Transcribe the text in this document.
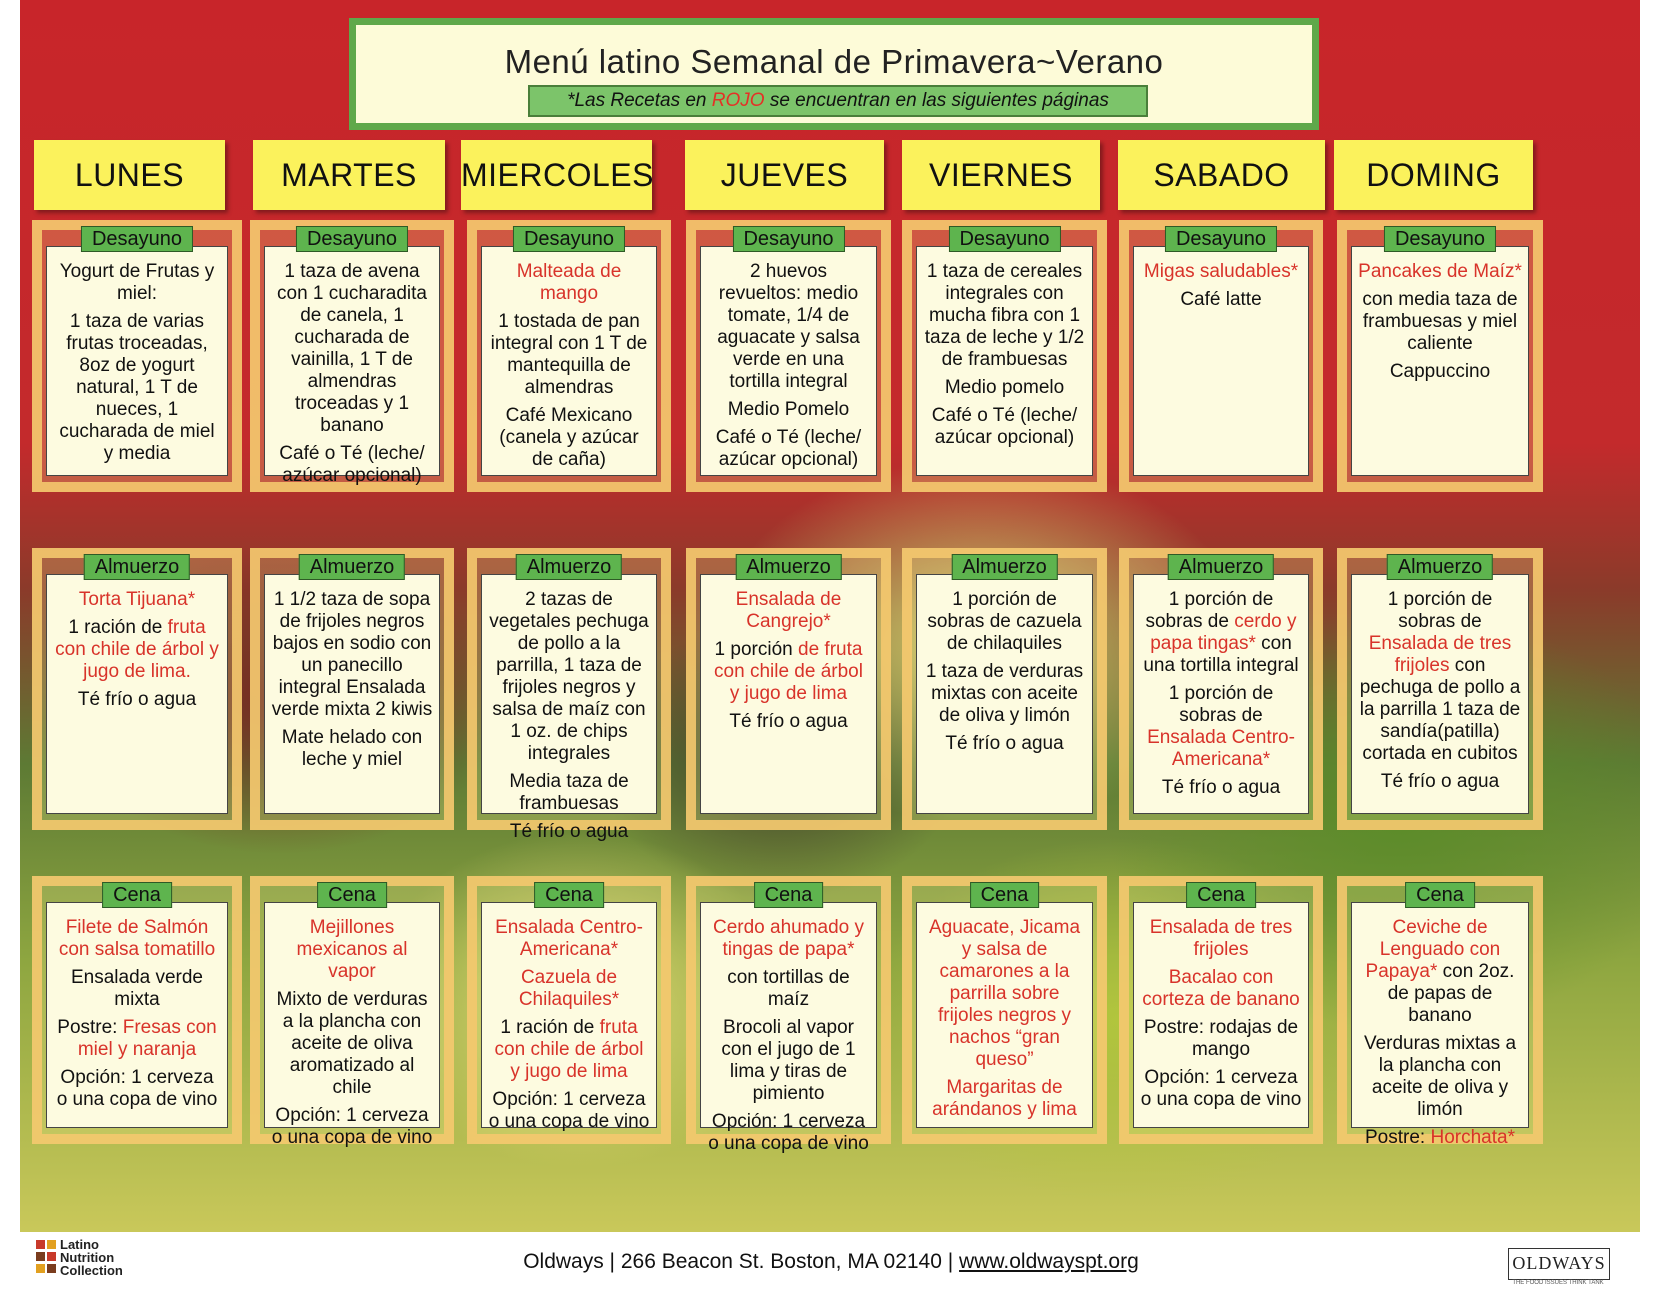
Menú latino Semanal de Primavera~Verano
*Las Recetas en ROJO se encuentran en las siguientes páginas
LUNES	MARTES	MIERCOLES	JUEVES	VIERNES	SABADO	DOMING
Desayuno

Yogurt de Frutas y miel:

1 taza de varias frutas troceadas, 8oz de yogurt natural, 1 T de nueces, 1 cucharada de miel y media

Desayuno

1 taza de avena con 1 cucharadita de canela, 1 cucharada de vainilla, 1 T de almendras troceadas y 1 banano

Café o Té (leche/ azúcar opcional)

Desayuno

Malteada de mango

1 tostada de pan integral con 1 T de mantequilla de almendras

Café Mexicano (canela y azúcar de caña)

Desayuno

2 huevos revueltos: medio tomate, 1/4 de aguacate y salsa verde en una tortilla integral

Medio Pomelo

Café o Té (leche/ azúcar opcional)

Desayuno

1 taza de cereales integrales con mucha fibra con 1 taza de leche y 1/2 de frambuesas

Medio pomelo

Café o Té (leche/ azúcar opcional)

Desayuno

Migas saludables*

Café latte

Desayuno

Pancakes de Maíz*

con media taza de frambuesas y miel caliente

Cappuccino

Almuerzo

Torta Tijuana*

1 ración de fruta con chile de árbol y jugo de lima.

Té frío o agua

Almuerzo

1 1/2 taza de sopa de frijoles negros bajos en sodio con un panecillo integral Ensalada verde mixta 2 kiwis

Mate helado con leche y miel

Almuerzo

2 tazas de vegetales pechuga de pollo a la parrilla, 1 taza de frijoles negros y salsa de maíz con 1 oz. de chips integrales

Media taza de frambuesas

Té frío o agua

Almuerzo

Ensalada de Cangrejo*

1 porción de fruta con chile de árbol y jugo de lima

Té frío o agua

Almuerzo

1 porción de sobras de cazuela de chilaquiles

1 taza de verduras mixtas con aceite de oliva y limón

Té frío o agua

Almuerzo

1 porción de sobras de cerdo y papa tingas* con una tortilla integral

1 porción de sobras de Ensalada Centro-Americana*

Té frío o agua

Almuerzo

1 porción de sobras de Ensalada de tres frijoles con pechuga de pollo a la parrilla 1 taza de sandía(patilla) cortada en cubitos

Té frío o agua

Cena

Filete de Salmón con salsa tomatillo

Ensalada verde mixta

Postre: Fresas con miel y naranja

Opción: 1 cerveza o una copa de vino

Cena

Mejillones mexicanos al vapor

Mixto de verduras a la plancha con aceite de oliva aromatizado al chile

Opción: 1 cerveza o una copa de vino

Cena

Ensalada Centro-Americana*

Cazuela de Chilaquiles*

1 ración de fruta con chile de árbol y jugo de lima

Opción: 1 cerveza o una copa de vino

Cena

Cerdo ahumado y tingas de papa*

con tortillas de maíz

Brocoli al vapor con el jugo de 1 lima y tiras de pimiento

Opción: 1 cerveza o una copa de vino

Cena

Aguacate, Jicama y salsa de camarones a la parrilla sobre frijoles negros y nachos “gran queso”

Margaritas de arándanos y lima

Cena

Ensalada de tres frijoles

Bacalao con corteza de banano

Postre: rodajas de mango

Opción: 1 cerveza o una copa de vino

Cena

Ceviche de Lenguado con Papaya* con 2oz. de papas de banano

Verduras mixtas a la plancha con aceite de oliva y limón

Postre: Horchata*

Latino
Nutrition
Collection	Oldways | 266 Beacon St. Boston, MA 02140 | www.oldwayspt.org	OLDWAYS
THE FOOD ISSUES THINK TANK
